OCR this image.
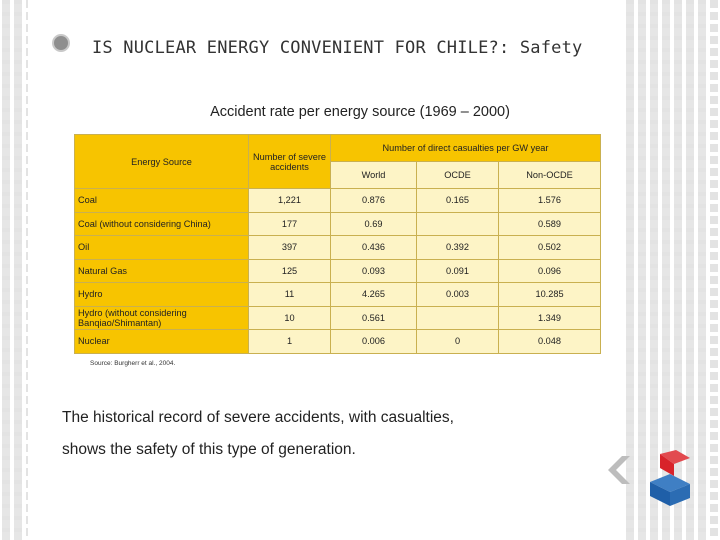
IS NUCLEAR ENERGY CONVENIENT FOR CHILE?: Safety
Accident rate per energy source (1969 – 2000)
Energy Source	Number of severe accidents	Number of direct casualties per GW year		
		World	OCDE	Non-OCDE
Coal	1,221	0.876	0.165	1.576
Coal (without considering China)	177	0.69		0.589
Oil	397	0.436	0.392	0.502
Natural Gas	125	0.093	0.091	0.096
Hydro	11	4.265	0.003	10.285
Hydro (without considering Banqiao/Shimantan)	10	0.561		1.349
Nuclear	1	0.006	0	0.048
Source: Burgherr et al., 2004.
The historical record of severe accidents, with casualties,
shows the safety of this type of generation.
